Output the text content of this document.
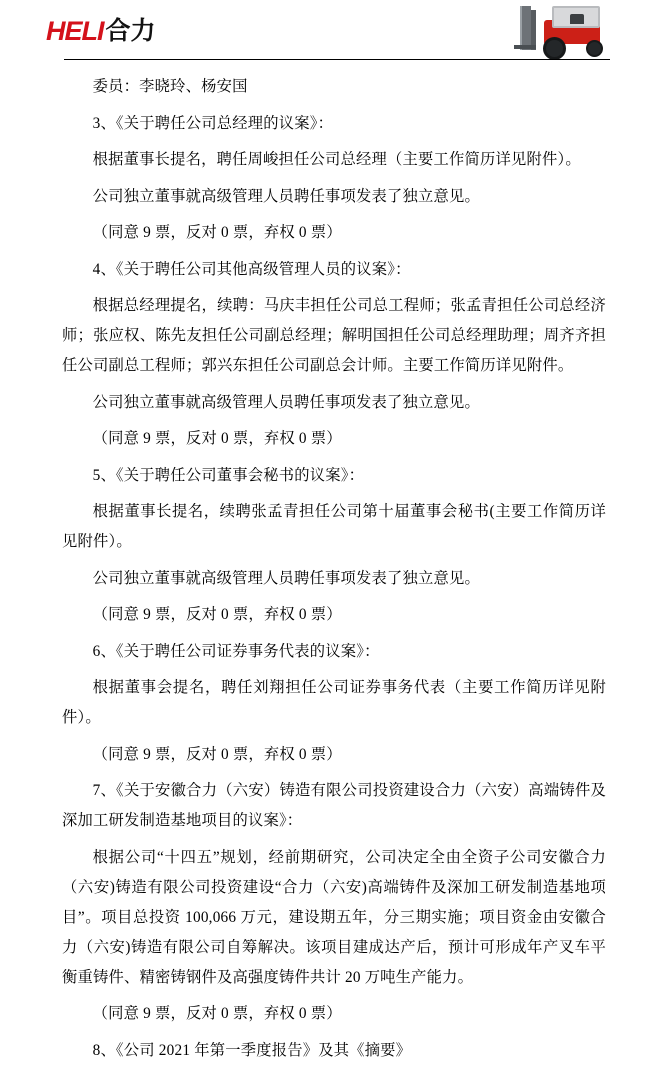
HELI 合力

委员：李晓玲、杨安国

3、《关于聘任公司总经理的议案》：

根据董事长提名，聘任周峻担任公司总经理（主要工作简历详见附件）。

公司独立董事就高级管理人员聘任事项发表了独立意见。

（同意 9 票，反对 0 票，弃权 0 票）

4、《关于聘任公司其他高级管理人员的议案》：

根据总经理提名，续聘：马庆丰担任公司总工程师；张孟青担任公司总经济师；张应权、陈先友担任公司副总经理；解明国担任公司总经理助理；周齐齐担任公司副总工程师；郭兴东担任公司副总会计师。主要工作简历详见附件。

公司独立董事就高级管理人员聘任事项发表了独立意见。

（同意 9 票，反对 0 票，弃权 0 票）

5、《关于聘任公司董事会秘书的议案》：

根据董事长提名，续聘张孟青担任公司第十届董事会秘书(主要工作简历详见附件）。

公司独立董事就高级管理人员聘任事项发表了独立意见。

（同意 9 票，反对 0 票，弃权 0 票）

6、《关于聘任公司证券事务代表的议案》：

根据董事会提名，聘任刘翔担任公司证券事务代表（主要工作简历详见附件）。

（同意 9 票，反对 0 票，弃权 0 票）

7、《关于安徽合力（六安）铸造有限公司投资建设合力（六安）高端铸件及深加工研发制造基地项目的议案》：

根据公司“十四五”规划，经前期研究，公司决定全由全资子公司安徽合力（六安)铸造有限公司投资建设“合力（六安)高端铸件及深加工研发制造基地项目”。项目总投资 100,066 万元，建设期五年，分三期实施；项目资金由安徽合力（六安)铸造有限公司自筹解决。该项目建成达产后，预计可形成年产叉车平衡重铸件、精密铸钢件及高强度铸件共计 20 万吨生产能力。

（同意 9 票，反对 0 票，弃权 0 票）

8、《公司 2021 年第一季度报告》及其《摘要》
